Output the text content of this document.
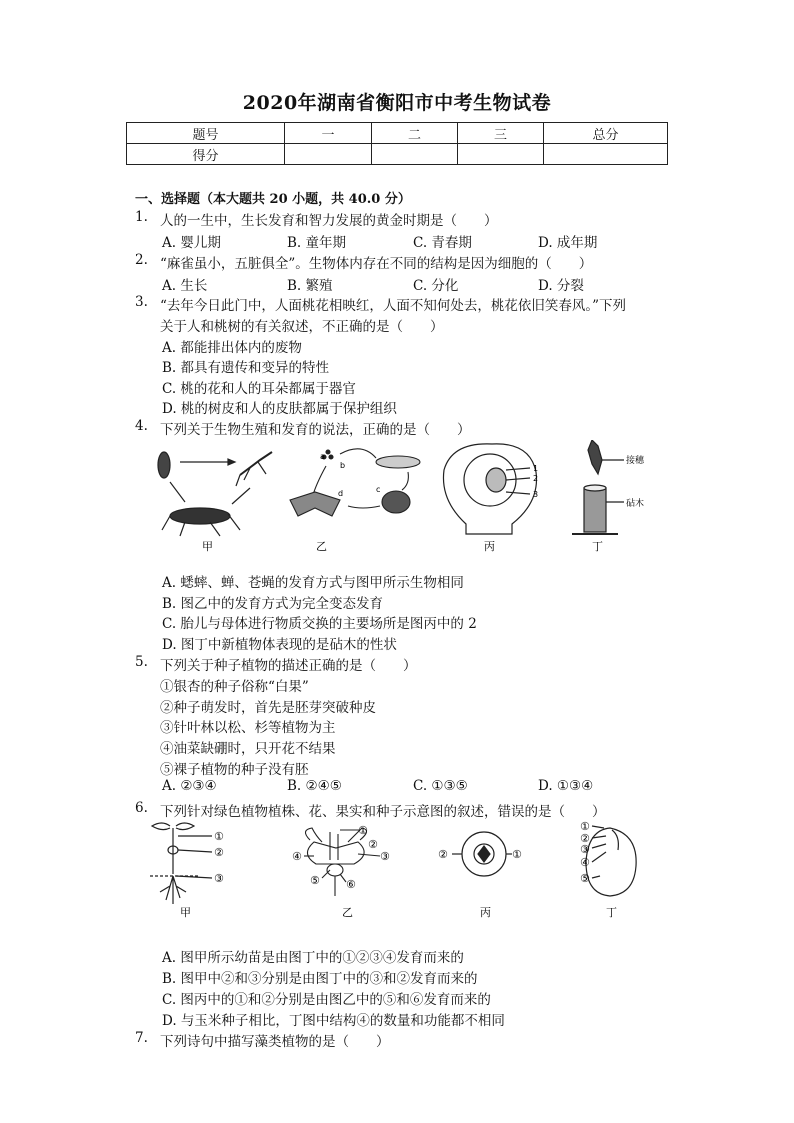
2020年湖南省衡阳市中考生物试卷
题号	一	二	三	总分
得分				
一、选择题（本大题共 20 小题，共 40.0 分）
1. 人的一生中，生长发育和智力发展的黄金时期是（　　）
A. 婴儿期	B. 童年期	C. 青春期	D. 成年期
2. “麻雀虽小，五脏俱全”。生物体内存在不同的结构是因为细胞的（　　）
A. 生长	B. 繁殖	C. 分化	D. 分裂
3. “去年今日此门中，人面桃花相映红，人面不知何处去，桃花依旧笑春风。”下列
关于人和桃树的有关叙述，不正确的是（　　）
A. 都能排出体内的废物
B. 都具有遗传和变异的特性
C. 桃的花和人的耳朵都属于器官
D. 桃的树皮和人的皮肤都属于保护组织
4. 下列关于生物生殖和发育的说法，正确的是（　　）
甲
a
b
c
d
乙
1
2
3
丙
接穗
砧木
丁
A. 蟋蟀、蝉、苍蝇的发育方式与图甲所示生物相同
B. 图乙中的发育方式为完全变态发育
C. 胎儿与母体进行物质交换的主要场所是图丙中的 2
D. 图丁中新植物体表现的是砧木的性状
5. 下列关于种子植物的描述正确的是（　　）
①银杏的种子俗称“白果”
②种子萌发时，首先是胚芽突破种皮
③针叶林以松、杉等植物为主
④油菜缺硼时，只开花不结果
⑤裸子植物的种子没有胚
A. ②③④	B. ②④⑤	C. ①③⑤	D. ①③④
6. 下列针对绿色植物植株、花、果实和种子示意图的叙述，错误的是（　　）
①
②
③
甲
①
②
③
④
⑤ ⑥
乙
②	①
丙
①
②
③
④
⑤
丁
A. 图甲所示幼苗是由图丁中的①②③④发育而来的
B. 图甲中②和③分别是由图丁中的③和②发育而来的
C. 图丙中的①和②分别是由图乙中的⑤和⑥发育而来的
D. 与玉米种子相比，丁图中结构④的数量和功能都不相同
7. 下列诗句中描写藻类植物的是（　　）
